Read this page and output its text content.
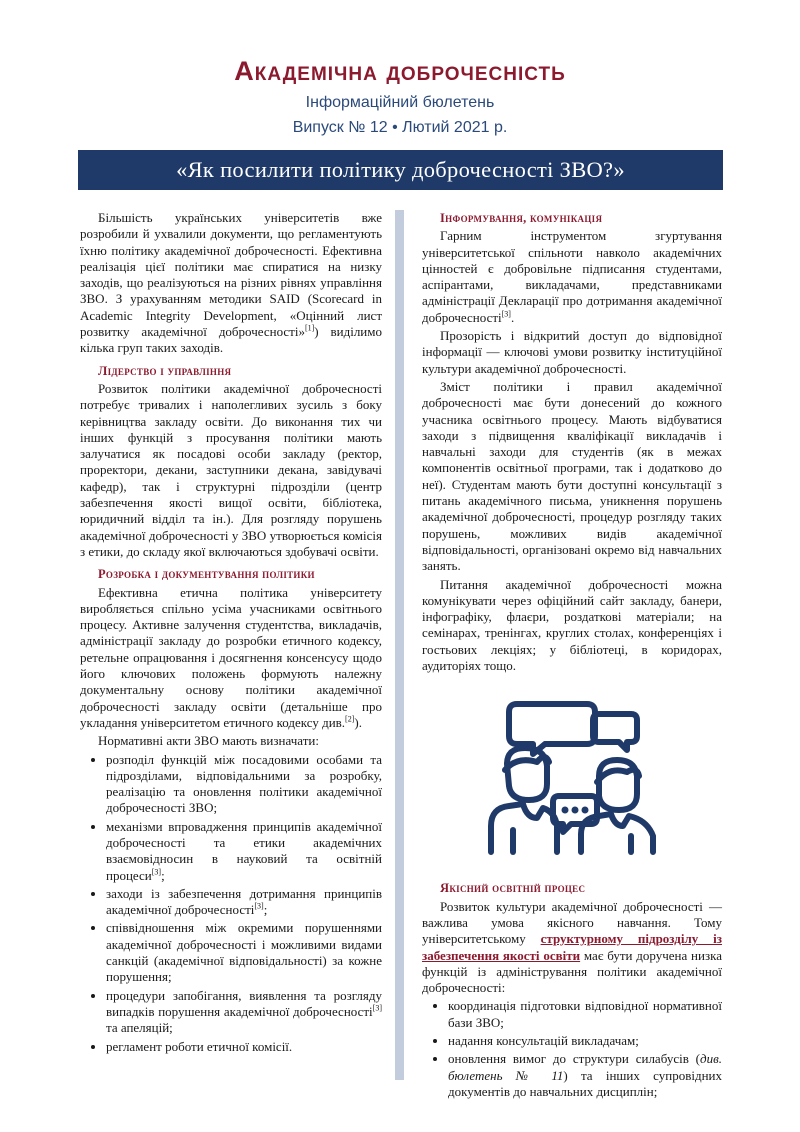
Академічна доброчесність
Інформаційний бюлетень
Випуск № 12 • Лютий 2021 р.
«Як посилити політику доброчесності ЗВО?»

Більшість українських університетів вже розробили й ухвалили документи, що регламентують їхню політику академічної доброчесності. Ефективна реалізація цієї політики має спиратися на низку заходів, що реалізуються на різних рівнях управління ЗВО. З урахуванням методики SAID (Scorecard in Academic Integrity Development, «Оцінний лист розвитку академічної доброчесності»[1]) виділимо кілька груп таких заходів.

Лідерство і управління

Розвиток політики академічної доброчесності потребує тривалих і наполегливих зусиль з боку керівництва закладу освіти. До виконання тих чи інших функцій з просування політики мають залучатися як посадові особи закладу (ректор, проректори, декани, заступники декана, завідувачі кафедр), так і структурні підрозділи (центр забезпечення якості вищої освіти, бібліотека, юридичний відділ та ін.). Для розгляду порушень академічної доброчесності у ЗВО утворюється комісія з етики, до складу якої включаються здобувачі освіти.

Розробка і документування політики

Ефективна етична політика університету виробляється спільно усіма учасниками освітнього процесу. Активне залучення студентства, викладачів, адміністрації закладу до розробки етичного кодексу, ретельне опрацювання і досягнення консенсусу щодо його ключових положень формують належну документальну основу політики академічної доброчесності закладу освіти (детальніше про укладання університетом етичного кодексу див.[2]).

Нормативні акти ЗВО мають визначати:

• розподіл функцій між посадовими особами та підрозділами, відповідальними за розробку, реалізацію та оновлення політики академічної доброчесності ЗВО;
• механізми впровадження принципів академічної доброчесності та етики академічних взаємовідносин в науковий та освітній процеси[3];
• заходи із забезпечення дотримання принципів академічної доброчесності[3];
• співвідношення між окремими порушеннями академічної доброчесності і можливими видами санкцій (академічної відповідальності) за кожне порушення;
• процедури запобігання, виявлення та розгляду випадків порушення академічної доброчесності[3] та апеляцій;
• регламент роботи етичної комісії.
Інформування, комунікація

Гарним інструментом згуртування університетської спільноти навколо академічних цінностей є добровільне підписання студентами, аспірантами, викладачами, представниками адміністрації Декларації про дотримання академічної доброчесності[3].

Прозорість і відкритий доступ до відповідної інформації — ключові умови розвитку інституційної культури академічної доброчесності.

Зміст політики і правил академічної доброчесності має бути донесений до кожного учасника освітнього процесу. Мають відбуватися заходи з підвищення кваліфікації викладачів і навчальні заходи для студентів (як в межах компонентів освітньої програми, так і додатково до неї). Студентам мають бути доступні консультації з питань академічного письма, уникнення порушень академічної доброчесності, процедур розгляду таких порушень, можливих видів академічної відповідальності, організовані окремо від навчальних занять.

Питання академічної доброчесності можна комунікувати через офіційний сайт закладу, банери, інфографіку, флаєри, роздаткові матеріали; на семінарах, тренінгах, круглих столах, конференціях і гостьових лекціях; у бібліотеці, в коридорах, аудиторіях тощо.

Якісний освітній процес

Розвиток культури академічної доброчесності — важлива умова якісного навчання. Тому університетському структурному підрозділу із забезпечення якості освіти має бути доручена низка функцій із адміністрування політики академічної доброчесності:

• координація підготовки відповідної нормативної бази ЗВО;
• надання консультацій викладачам;
• оновлення вимог до структури силабусів (див. бюлетень № 11) та інших супровідних документів до навчальних дисциплін;
